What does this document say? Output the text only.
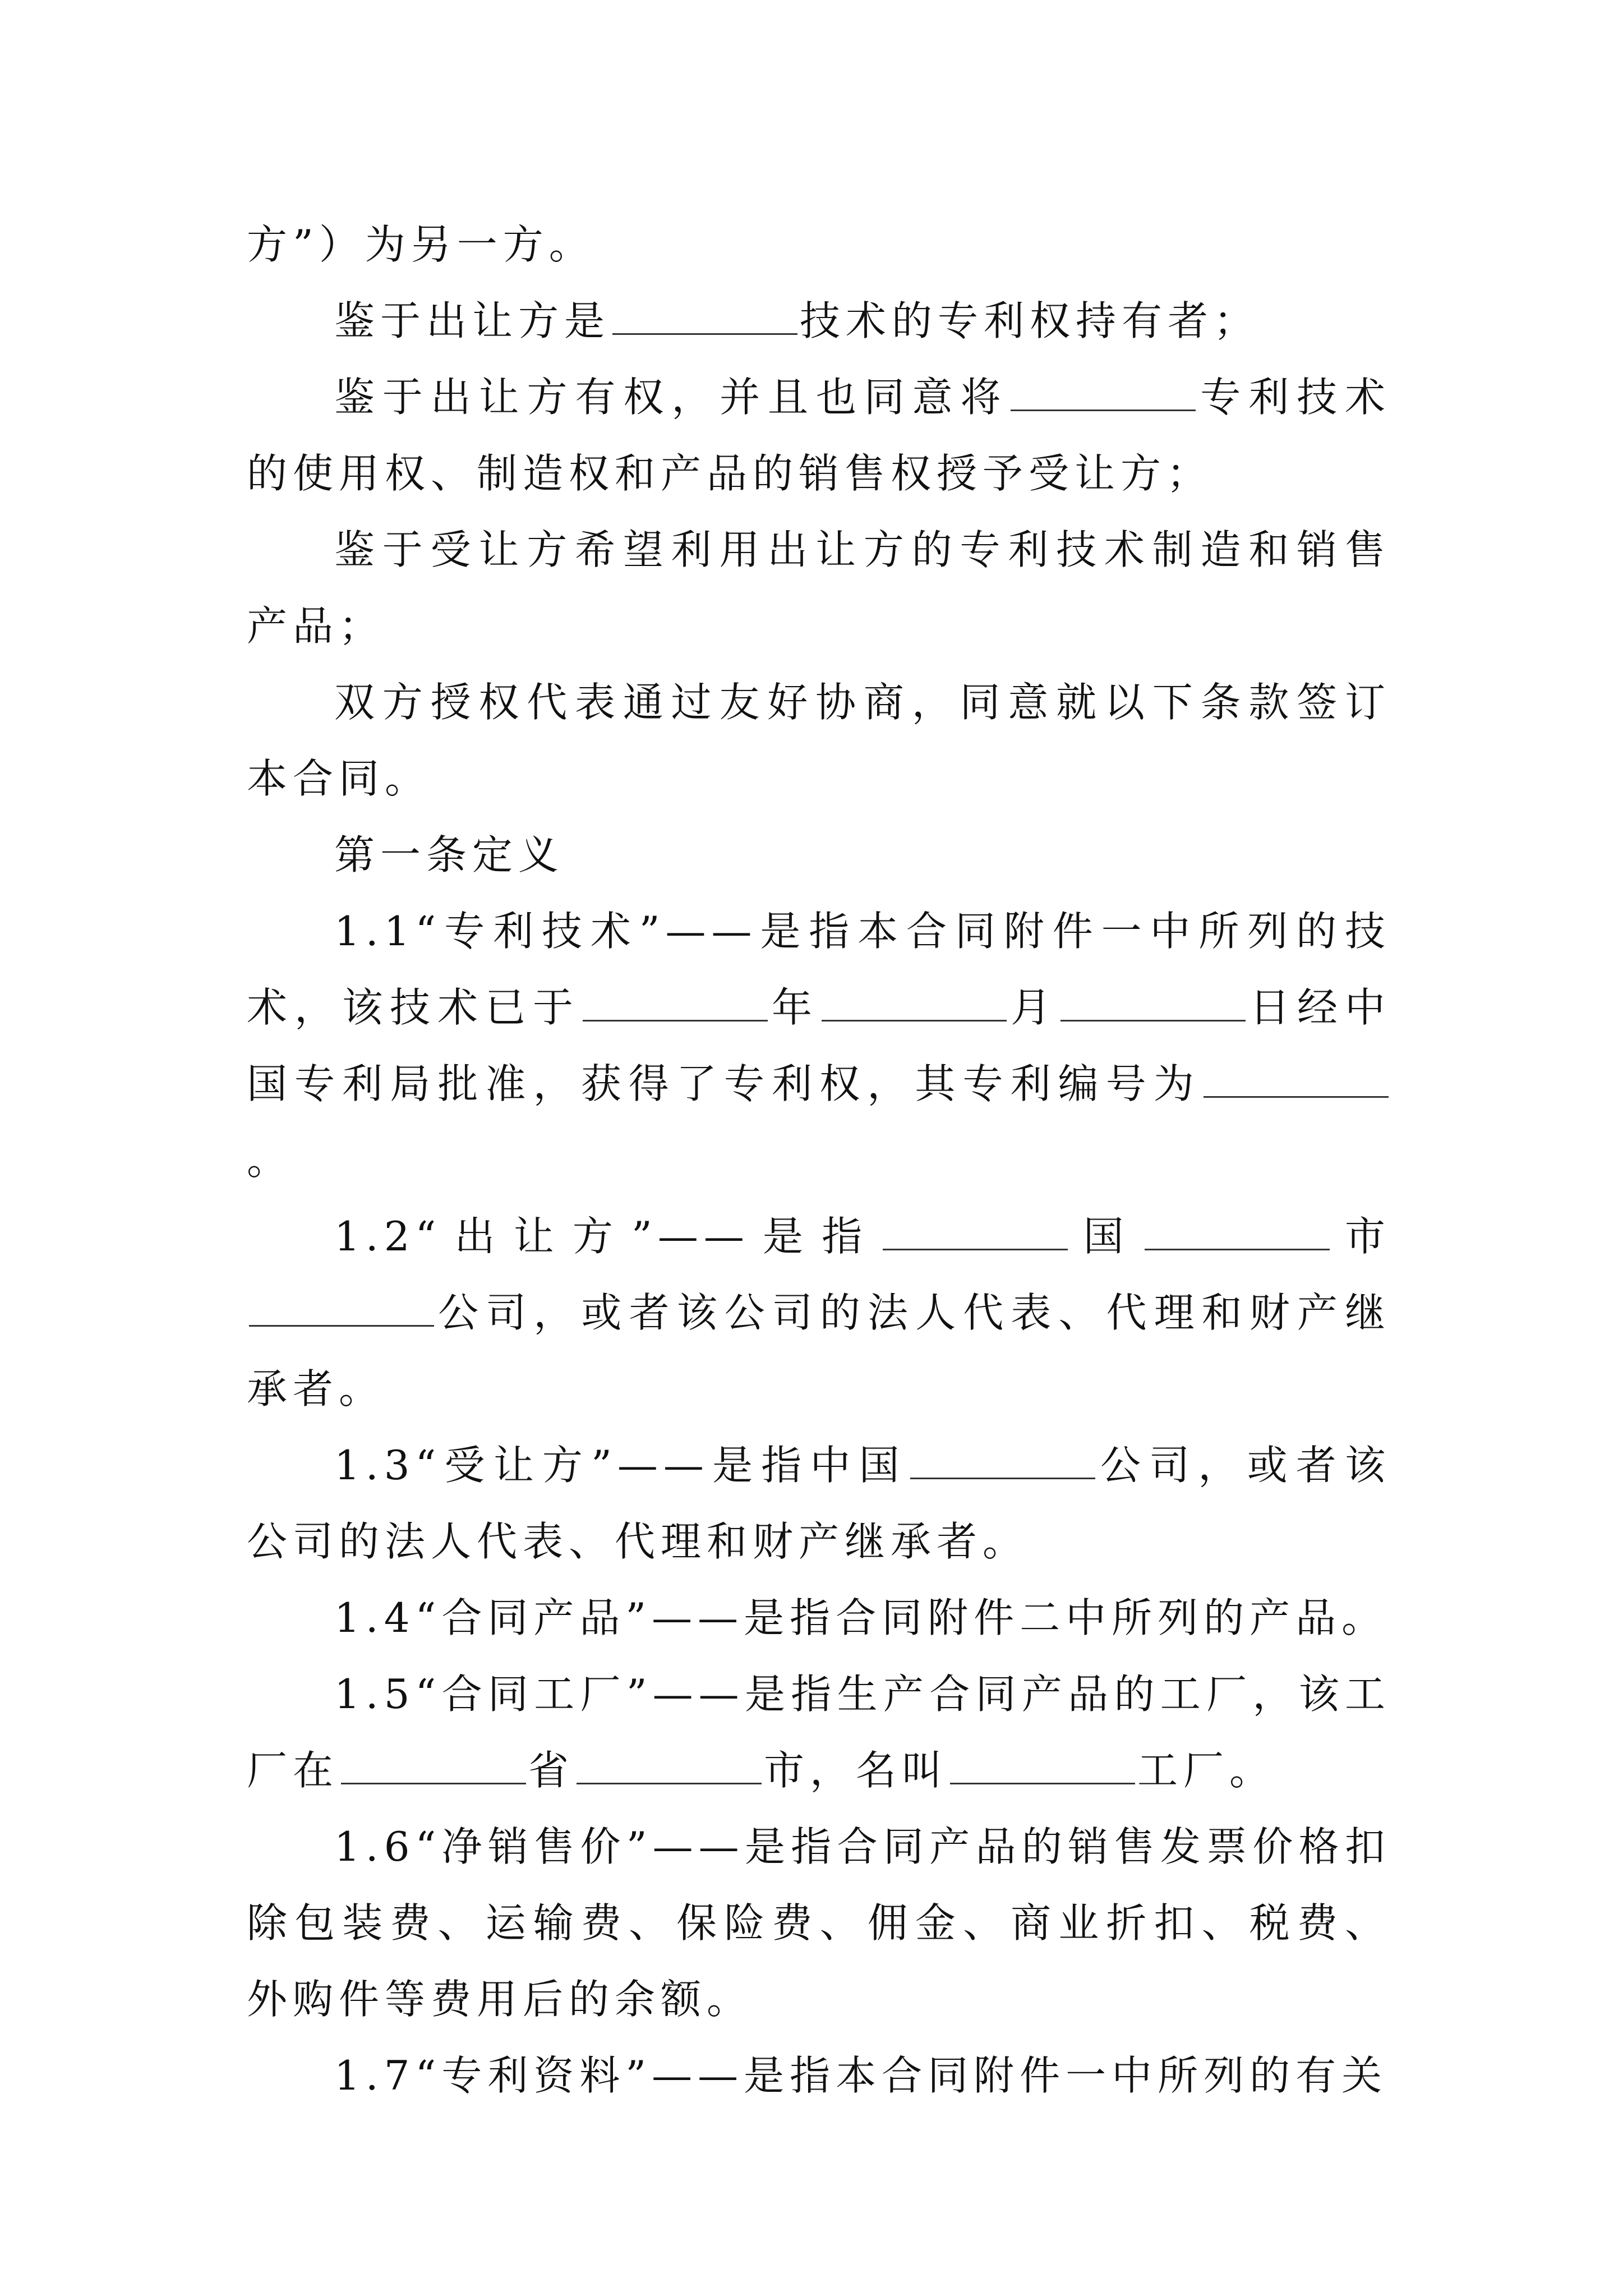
方”）为另一方。

鉴于出让方是	技术的专利权持有者；

鉴于出让方有权，并且也同意将	专利技术的使用权、制造权和产品的销售权授予受让方；

鉴于受让方希望利用出让方的专利技术制造和销售产品；

双方授权代表通过友好协商，同意就以下条款签订本合同。

第一条定义

1.1“专利技术”——是指本合同附件一中所列的技术，该技术已于	年	月	日经中国专利局批准，获得了专利权，其专利编号为。

1.2“出让方”——是指	国	市公司，或者该公司的法人代表、代理和财产继承者。

1.3“受让方”——是指中国	公司，或者该公司的法人代表、代理和财产继承者。

1.4“合同产品”——是指合同附件二中所列的产品。

1.5“合同工厂”——是指生产合同产品的工厂，该工厂在	省	市，名叫	工厂。

1.6“净销售价”——是指合同产品的销售发票价格扣除包装费、运输费、保险费、佣金、商业折扣、税费、外购件等费用后的余额。

1.7“专利资料”——是指本合同附件一中所列的有关
